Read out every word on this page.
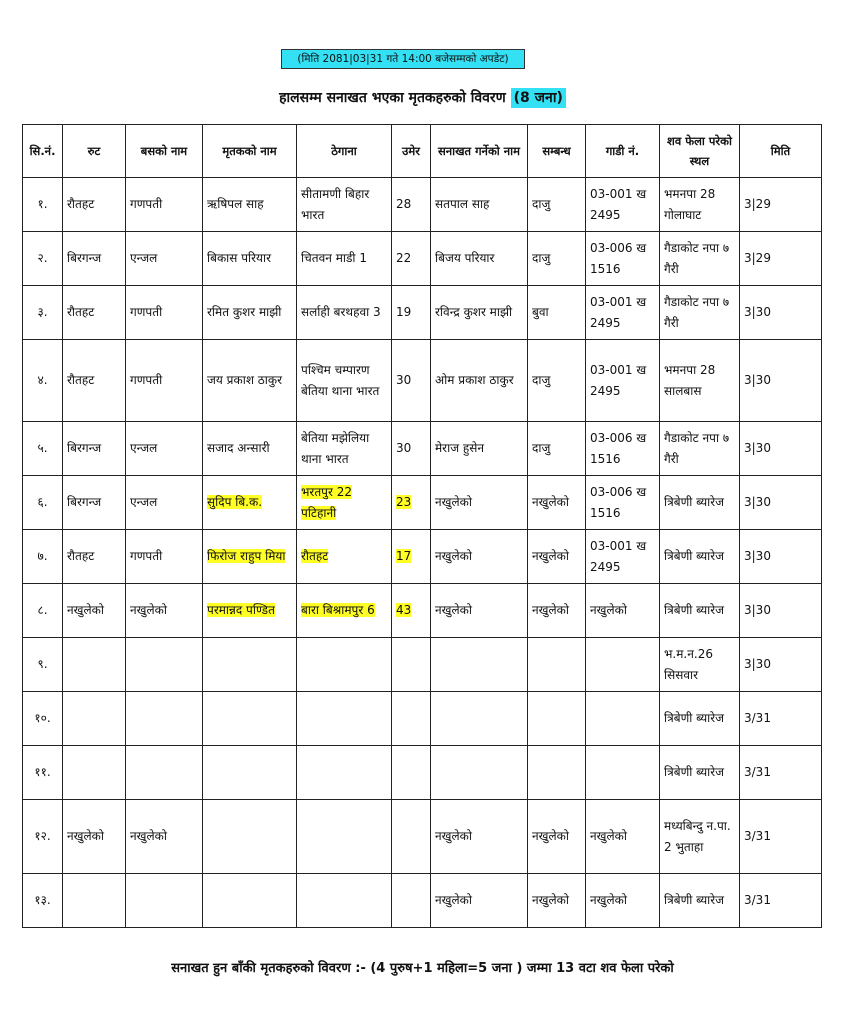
(मिति 2081|03|31 गते 14:00 बजेसम्मको अपडेट)
हालसम्म सनाखत भएका मृतकहरुको विवरण (8 जना)
सि.नं.	रुट	बसको नाम	मृतकको नाम	ठेगाना	उमेर	सनाखत गर्नेको नाम	सम्बन्ध	गाडी नं.	शव फेला परेको स्थल	मिति
१.	रौतहट	गणपती	ऋषिपल साह	सीतामणी बिहार भारत	28	सतपाल साह	दाजु	03-001 ख 2495	भमनपा 28 गोलाघाट	3|29
२.	बिरगन्ज	एन्जल	बिकास परियार	चितवन माडी 1	22	बिजय परियार	दाजु	03-006 ख 1516	गैडाकोट नपा ७ गैरी	3|29
३.	रौतहट	गणपती	रमित कुशर माझी	सर्लाही बरथहवा 3	19	रविन्द्र कुशर माझी	बुवा	03-001 ख 2495	गैडाकोट नपा ७ गैरी	3|30
४.	रौतहट	गणपती	जय प्रकाश ठाकुर	पश्चिम चम्पारण बेतिया थाना भारत	30	ओम प्रकाश ठाकुर	दाजु	03-001 ख 2495	भमनपा 28 सालबास	3|30
५.	बिरगन्ज	एन्जल	सजाद अन्सारी	बेतिया मझेलिया थाना भारत	30	मेराज हुसेन	दाजु	03-006 ख 1516	गैडाकोट नपा ७ गैरी	3|30
६.	बिरगन्ज	एन्जल	सुदिप बि.क.	भरतपुर 22 पटिहानी	23	नखुलेको	नखुलेको	03-006 ख 1516	त्रिबेणी ब्यारेज	3|30
७.	रौतहट	गणपती	फिरोज राहुप मिया	रौतहट	17	नखुलेको	नखुलेको	03-001 ख 2495	त्रिबेणी ब्यारेज	3|30
८.	नखुलेको	नखुलेको	परमान्नद पण्डित	बारा बिश्रामपुर 6	43	नखुलेको	नखुलेको	नखुलेको	त्रिबेणी ब्यारेज	3|30
९.									भ.म.न.26 सिसवार	3|30
१०.									त्रिबेणी ब्यारेज	3/31
११.									त्रिबेणी ब्यारेज	3/31
१२.	नखुलेको	नखुलेको				नखुलेको	नखुलेको	नखुलेको	मध्यबिन्दु न.पा. 2 भुताहा	3/31
१३.						नखुलेको	नखुलेको	नखुलेको	त्रिबेणी ब्यारेज	3/31
सनाखत हुन बाँकी मृतकहरुको विवरण :- (4 पुरुष+1 महिला=5 जना ) जम्मा 13 वटा शव फेला परेको
